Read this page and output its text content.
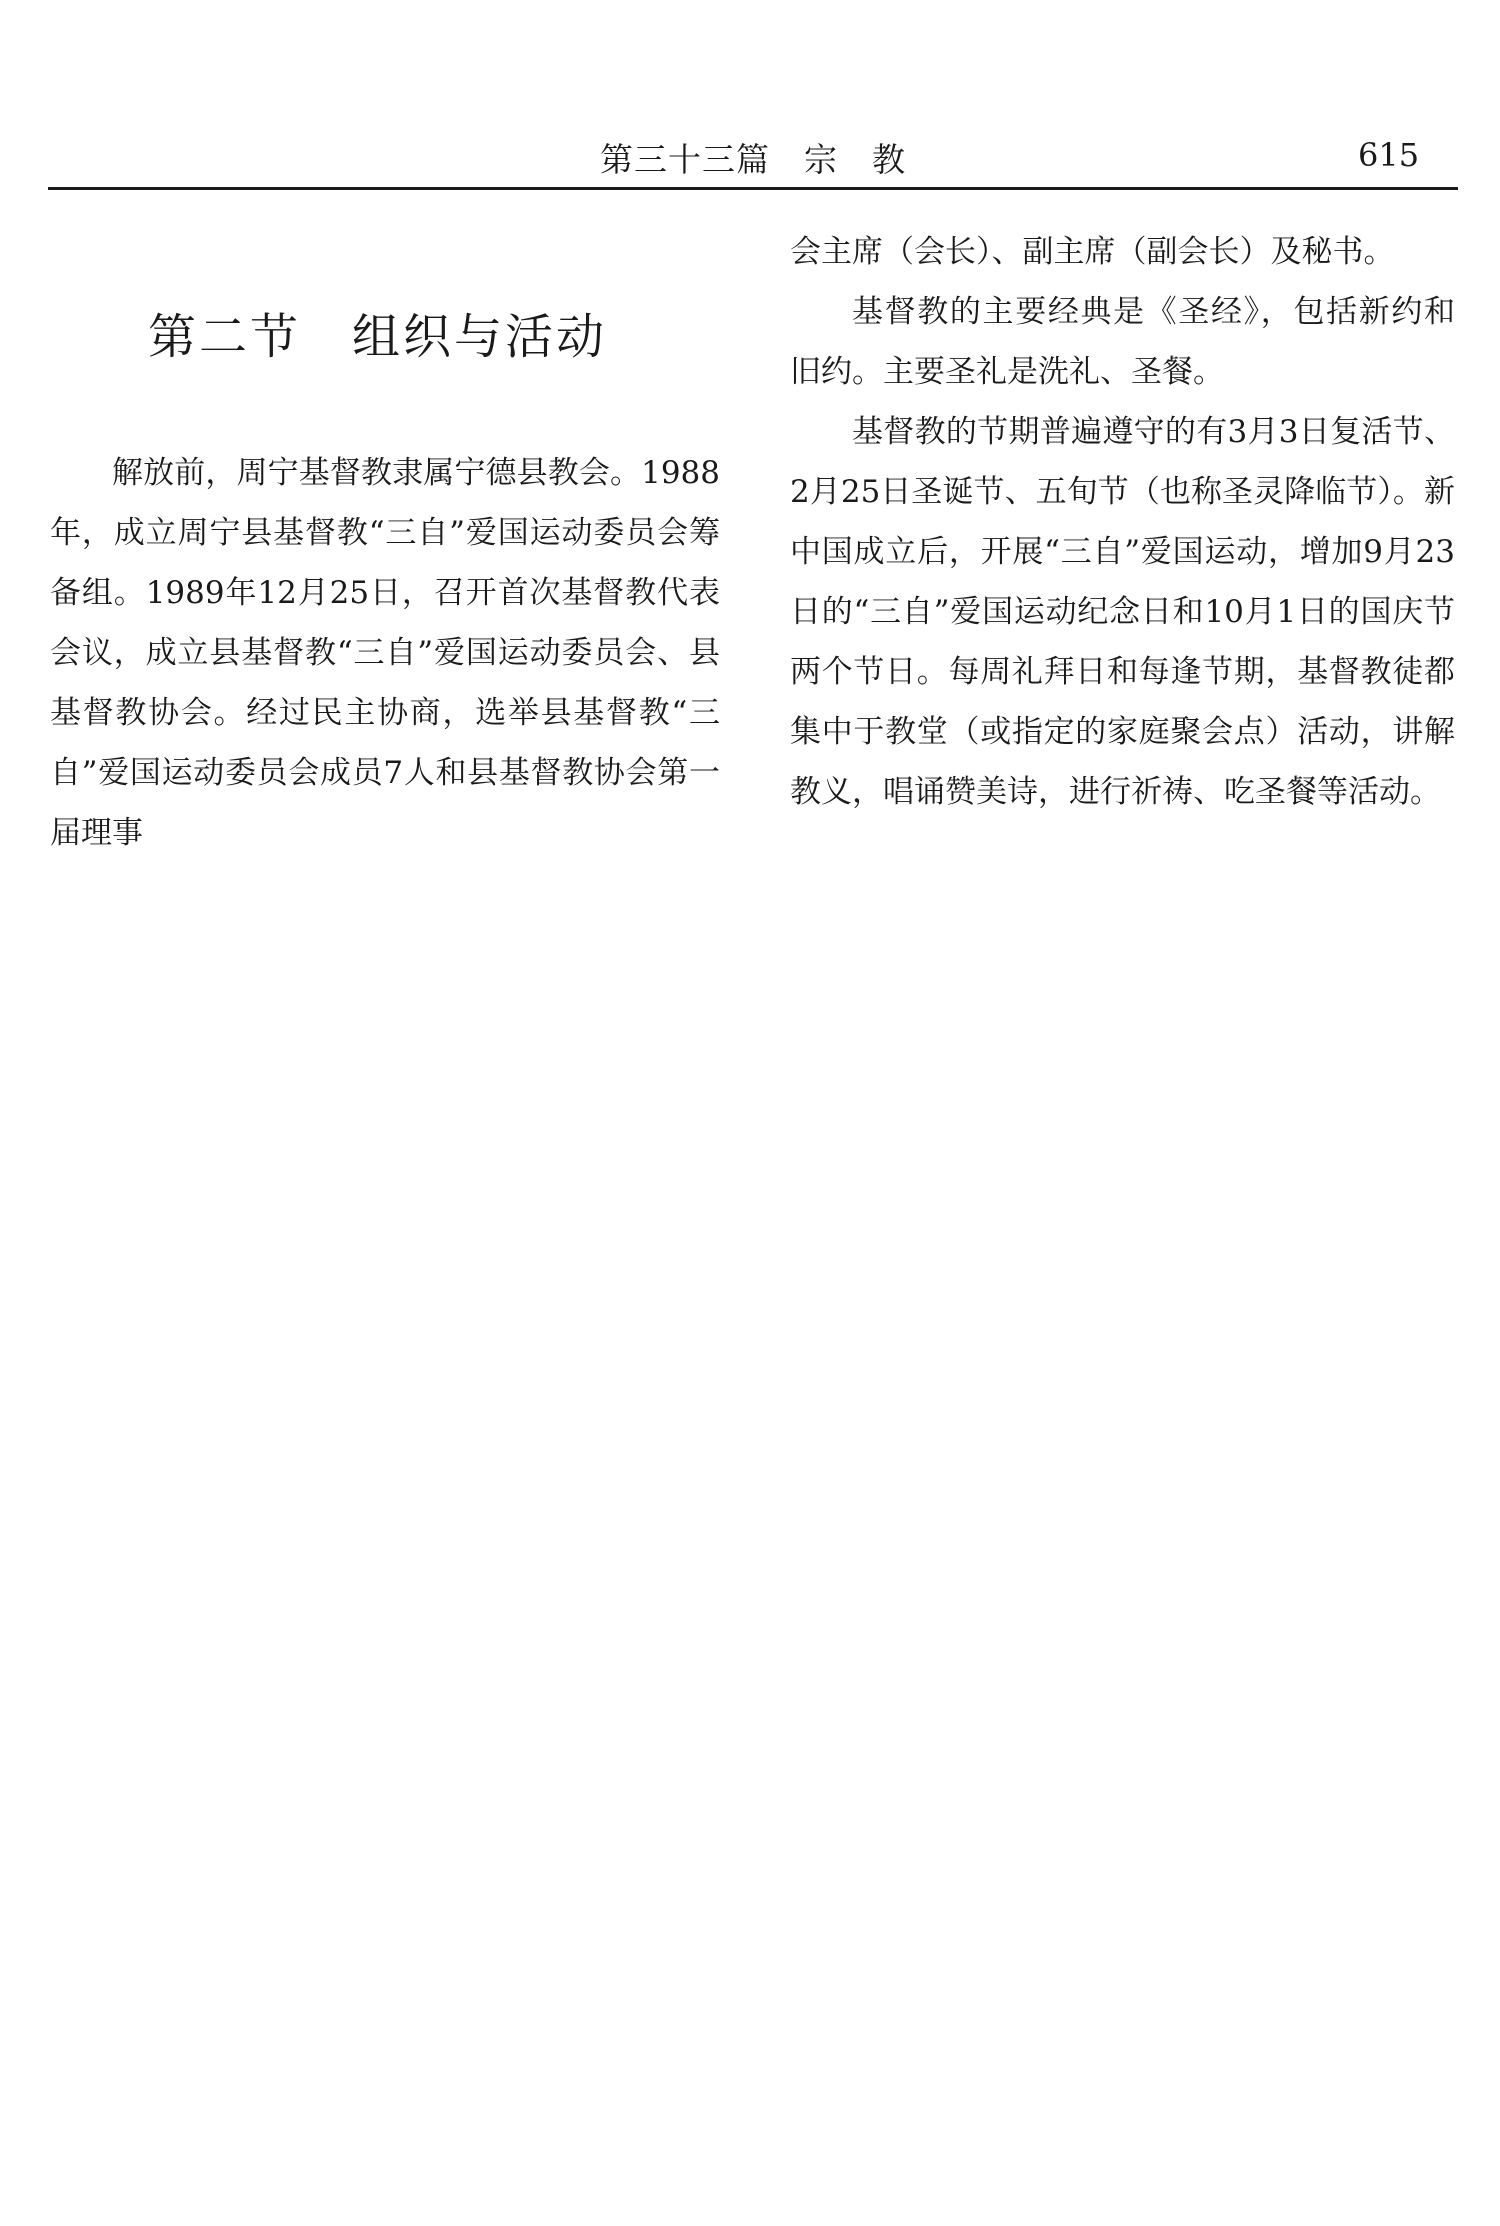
第三十三篇　宗　教	615
第二节　组织与活动

解放前，周宁基督教隶属宁德县教会。1988年，成立周宁县基督教“三自”爱国运动委员会筹备组。1989年12月25日，召开首次基督教代表会议，成立县基督教“三自”爱国运动委员会、县基督教协会。经过民主协商，选举县基督教“三自”爱国运动委员会成员7人和县基督教协会第一届理事

会主席（会长）、副主席（副会长）及秘书。

基督教的主要经典是《圣经》，包括新约和旧约。主要圣礼是洗礼、圣餐。

基督教的节期普遍遵守的有3月3日复活节、2月25日圣诞节、五旬节（也称圣灵降临节）。新中国成立后，开展“三自”爱国运动，增加9月23日的“三自”爱国运动纪念日和10月1日的国庆节两个节日。每周礼拜日和每逢节期，基督教徒都集中于教堂（或指定的家庭聚会点）活动，讲解教义，唱诵赞美诗，进行祈祷、吃圣餐等活动。
